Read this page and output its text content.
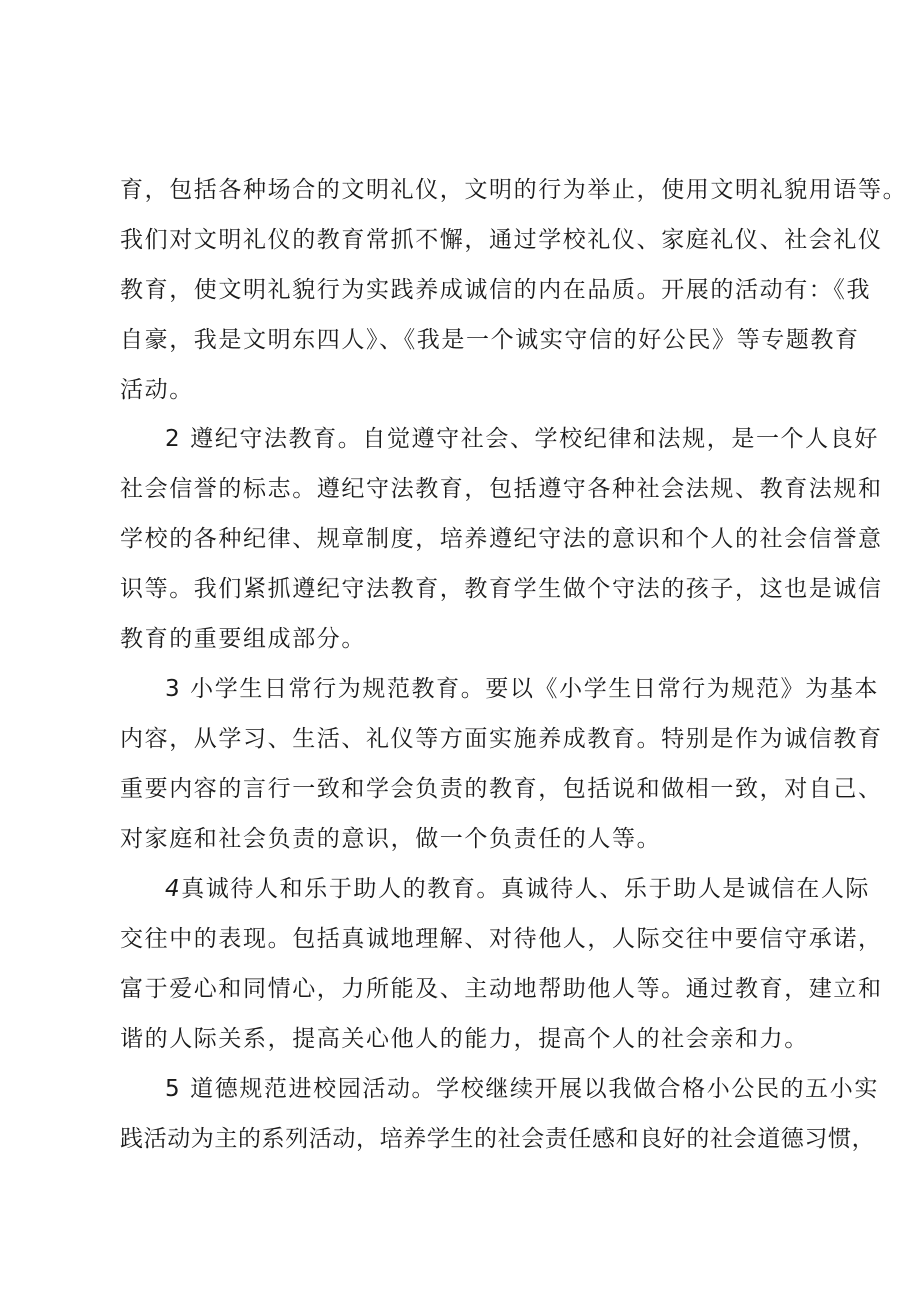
育，包括各种场合的文明礼仪，文明的行为举止，使用文明礼貌用语等。
我们对文明礼仪的教育常抓不懈，通过学校礼仪、家庭礼仪、社会礼仪
教育，使文明礼貌行为实践养成诚信的内在品质。开展的活动有：《我
自豪，我是文明东四人》、《我是一个诚实守信的好公民》等专题教育
活动。
2 遵纪守法教育。自觉遵守社会、学校纪律和法规，是一个人良好
社会信誉的标志。遵纪守法教育，包括遵守各种社会法规、教育法规和
学校的各种纪律、规章制度，培养遵纪守法的意识和个人的社会信誉意
识等。我们紧抓遵纪守法教育，教育学生做个守法的孩子，这也是诚信
教育的重要组成部分。
3 小学生日常行为规范教育。要以《小学生日常行为规范》为基本
内容，从学习、生活、礼仪等方面实施养成教育。特别是作为诚信教育
重要内容的言行一致和学会负责的教育，包括说和做相一致，对自己、
对家庭和社会负责的意识，做一个负责任的人等。
4真诚待人和乐于助人的教育。真诚待人、乐于助人是诚信在人际
交往中的表现。包括真诚地理解、对待他人，人际交往中要信守承诺，
富于爱心和同情心，力所能及、主动地帮助他人等。通过教育，建立和
谐的人际关系，提高关心他人的能力，提高个人的社会亲和力。
5 道德规范进校园活动。学校继续开展以我做合格小公民的五小实
践活动为主的系列活动，培养学生的社会责任感和良好的社会道德习惯，
